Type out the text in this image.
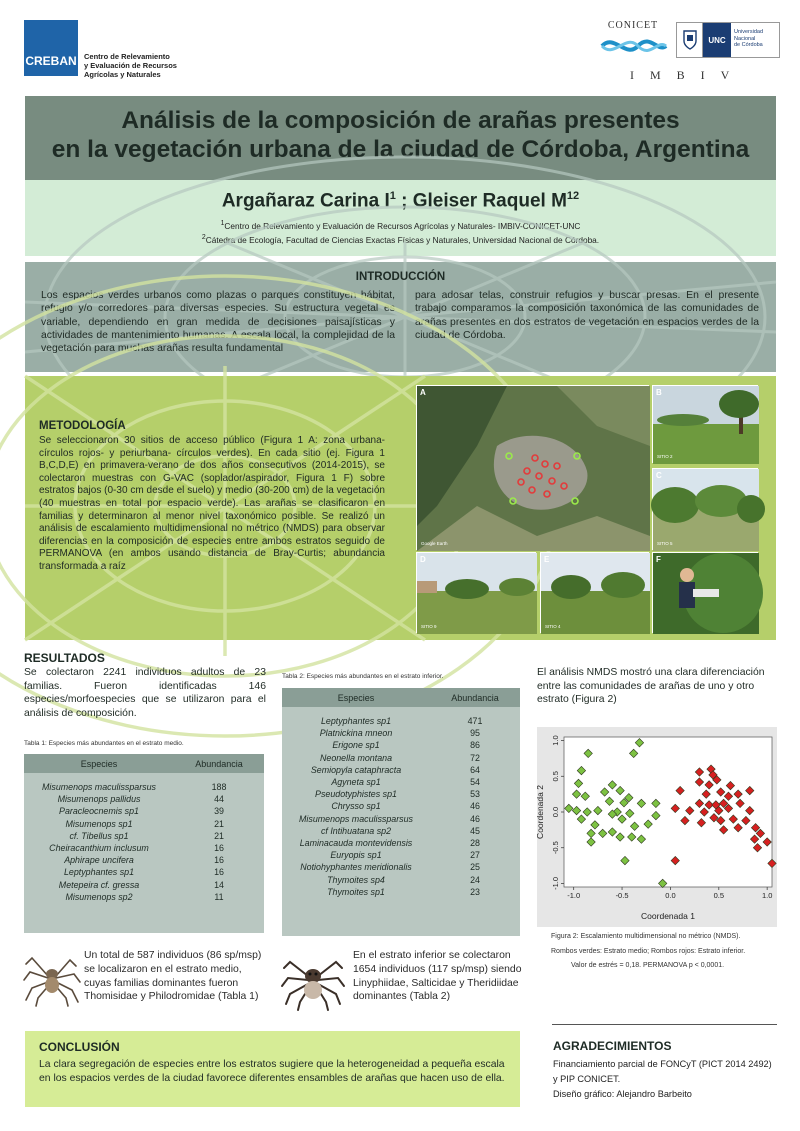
CREBAN Centro de Relevamiento
y Evaluación de Recursos
Agrícolas y Naturales
CONICET
UNC
Universidad
Nacional
de Córdoba
IMBIV
Análisis de la composición de arañas presentes
en la vegetación urbana de la ciudad de Córdoba, Argentina
Argañaraz Carina $I^1$ ; Gleiser Raquel $M^{12}$
$^1$Centro de Relevamiento y Evaluación de Recursos Agrícolas y Naturales- IMBIV-CONICET-UNC
$^2$Cátedra de Ecología, Facultad de Ciencias Exactas Físicas y Naturales, Universidad Nacional de Córdoba.
INTRODUCCIÓN
Los espacios verdes urbanos como plazas o parques constituyen hábitat, refugio y/o corredores para diversas especies. Su estructura vegetal es variable, dependiendo en gran medida de decisiones paisajísticas y actividades de mantenimiento humanas. A escala local, la complejidad de la vegetación para muchas arañas resulta fundamental
para adosar telas, construir refugios y buscar presas. En el presente trabajo comparamos la composición taxonómica de las comunidades de arañas presentes en dos estratos de vegetación en espacios verdes de la ciudad de Córdoba.
METODOLOGÍA
Se seleccionaron 30 sitios de acceso público (Figura 1 A: zona urbana- círculos rojos- y periurbana- círculos verdes). En cada sitio (ej. Figura 1 B,C,D,E) en primavera-verano de dos años consecutivos (2014-2015), se colectaron muestras con G-VAC (soplador/aspirador, Figura 1 F) sobre estratos bajos (0-30 cm desde el suelo) y medio (30-200 cm) de la vegetación (40 muestras en total por espacio verde). Las arañas se clasificaron en familias y determinaron al menor nivel taxonómico posible. Se realizó un análisis de escalamiento multidimensional no métrico (NMDS) para observar diferencias en la composición de especies entre ambos estratos seguido de PERMANOVA (en ambos usando distancia de Bray-Curtis; abundancia transformada a raíz
A
Google Earth
B
SITIO 2
C
SITIO 5
D
SITIO 9
E
SITIO 4
F
RESULTADOS
Se colectaron 2241 individuos adultos de 23 familias. Fueron identificadas 146 especies/morfoespecies que se utilizaron para el análisis de composición.
Tabla 1: Especies más abundantes en el estrato medio.
Especies	Abundancia
Misumenops maculissparsus	188
Misumenops pallidus	44
Paracleocnemis sp1	39
Misumenops sp1	21
cf. Tibellus sp1	21
Cheiracanthium inclusum	16
Aphirape uncifera	16
Leptyphantes sp1	16
Metepeira cf. gressa	14
Misumenops sp2	11
Tabla 2: Especies más abundantes en el estrato inferior.
Especies	Abundancia
Leptyphantes sp1	471
Platnickina mneon	95
Erigone sp1	86
Neonella montana	72
Semiopyla cataphracta	64
Agyneta sp1	54
Pseudotyphistes sp1	53
Chrysso sp1	46
Misumenops maculissparsus	46
cf Intihuatana sp2	45
Laminacauda montevidensis	28
Euryopis sp1	27
Notiohyphantes meridionalis	25
Thymoites sp4	24
Thymoites sp1	23
El análisis NMDS mostró una clara diferenciación entre las comunidades de arañas de uno y otro estrato (Figura 2)
-1.0	-0.5	0.0	0.5	1.0
-1.0
-0.5
0.0
0.5
1.0
Coordenada 1
Coordenada 2
Figura 2: Escalamiento multidimensional no métrico (NMDS).
Rombos verdes: Estrato medio; Rombos rojos: Estrato inferior.
Valor de estrés = 0,18. PERMANOVA p < 0,0001.
Un total de 587 individuos (86 sp/msp) se localizaron en el estrato medio, cuyas familias dominantes fueron Thomisidae y Philodromidae (Tabla 1)
En el estrato inferior se colectaron 1654 individuos (117 sp/msp) siendo Linyphiidae, Salticidae y Theridiidae dominantes (Tabla 2)
CONCLUSIÓN
La clara segregación de especies entre los estratos sugiere que la heterogeneidad a pequeña escala en los espacios verdes de la ciudad favorece diferentes ensambles de arañas que hacen uso de ella.
AGRADECIMIENTOS
Financiamiento parcial de FONCyT (PICT 2014 2492) y PIP CONICET.
Diseño gráfico: Alejandro Barbeito
